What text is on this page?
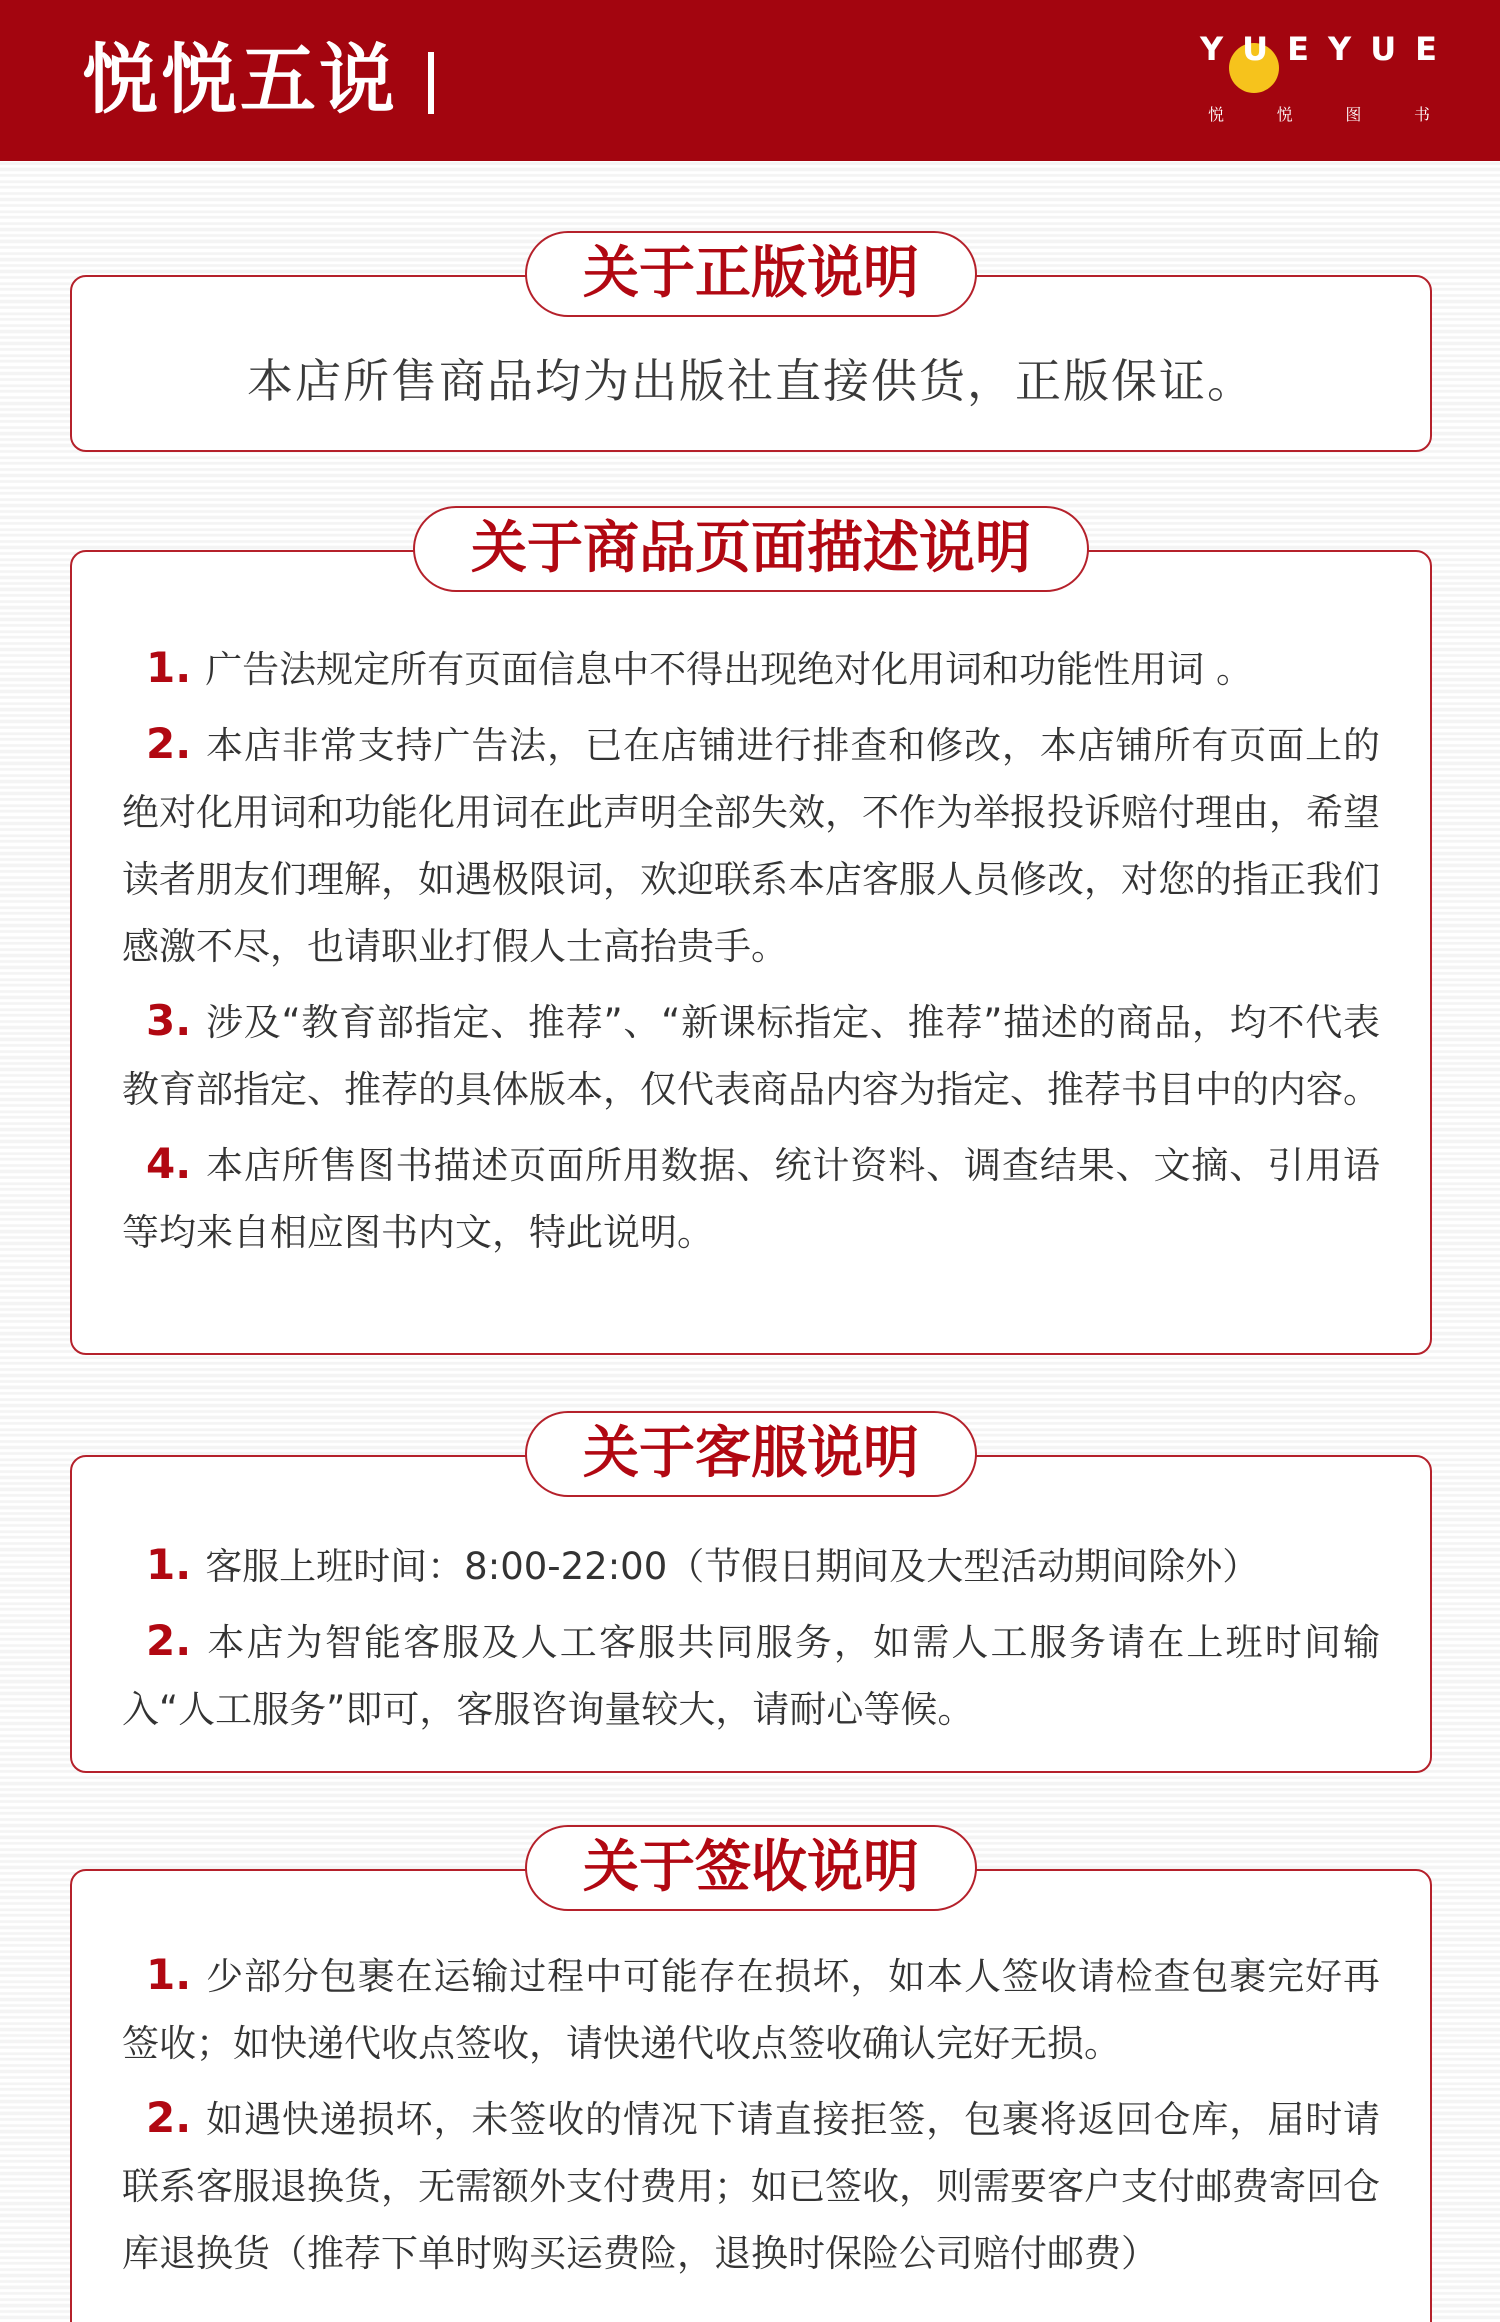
悦悦五说	YUEYUE
悦	悦	图	书
关于正版说明
本店所售商品均为出版社直接供货，正版保证。
关于商品页面描述说明
1. 广告法规定所有页面信息中不得出现绝对化用词和功能性用词 。
2. 本店非常支持广告法，已在店铺进行排查和修改，本店铺所有页面上的绝对化用词和功能化用词在此声明全部失效，不作为举报投诉赔付理由，希望读者朋友们理解，如遇极限词，欢迎联系本店客服人员修改，对您的指正我们感激不尽，也请职业打假人士高抬贵手。
3. 涉及“教育部指定、推荐”、“新课标指定、推荐”描述的商品，均不代表教育部指定、推荐的具体版本，仅代表商品内容为指定、推荐书目中的内容。
4. 本店所售图书描述页面所用数据、统计资料、调查结果、文摘、引用语等均来自相应图书内文，特此说明。
关于客服说明
1. 客服上班时间：8:00-22:00（节假日期间及大型活动期间除外）
2. 本店为智能客服及人工客服共同服务，如需人工服务请在上班时间输入“人工服务”即可，客服咨询量较大，请耐心等候。
关于签收说明
1. 少部分包裹在运输过程中可能存在损坏，如本人签收请检查包裹完好再签收；如快递代收点签收，请快递代收点签收确认完好无损。
2. 如遇快递损坏，未签收的情况下请直接拒签，包裹将返回仓库，届时请联系客服退换货，无需额外支付费用；如已签收，则需要客户支付邮费寄回仓库退换货（推荐下单时购买运费险，退换时保险公司赔付邮费）
